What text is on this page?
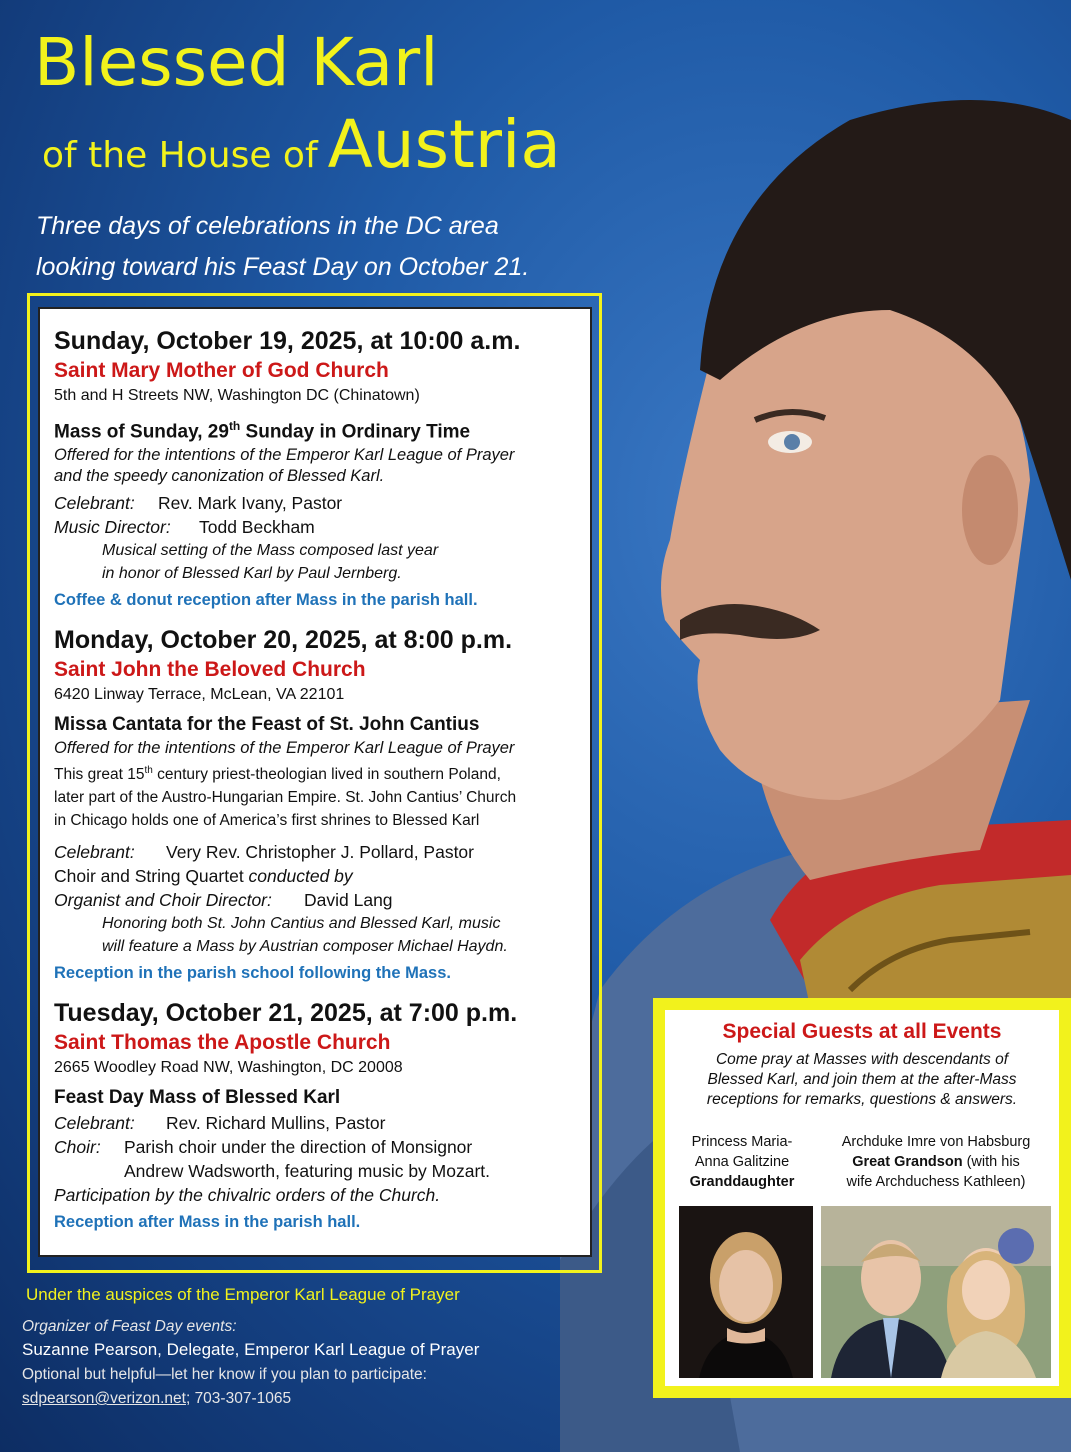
Blessed Karl
of the House of Austria
Three days of celebrations in the DC area
looking toward his Feast Day on October 21.
Sunday, October 19, 2025, at 10:00 a.m.
Saint Mary Mother of God Church
5th and H Streets NW, Washington DC (Chinatown)
Mass of Sunday, 29th Sunday in Ordinary Time
Offered for the intentions of the Emperor Karl League of Prayer
and the speedy canonization of Blessed Karl.
Celebrant: Rev. Mark Ivany, Pastor
Music Director: Todd Beckham
Musical setting of the Mass composed last year
in honor of Blessed Karl by Paul Jernberg.
Coffee & donut reception after Mass in the parish hall.
Monday, October 20, 2025, at 8:00 p.m.
Saint John the Beloved Church
6420 Linway Terrace, McLean, VA 22101
Missa Cantata for the Feast of St. John Cantius
Offered for the intentions of the Emperor Karl League of Prayer
This great 15th century priest-theologian lived in southern Poland,
later part of the Austro-Hungarian Empire. St. John Cantius’ Church
in Chicago holds one of America’s first shrines to Blessed Karl
Celebrant: Very Rev. Christopher J. Pollard, Pastor
Choir and String Quartet conducted by
Organist and Choir Director: David Lang
Honoring both St. John Cantius and Blessed Karl, music
will feature a Mass by Austrian composer Michael Haydn.
Reception in the parish school following the Mass.
Tuesday, October 21, 2025, at 7:00 p.m.
Saint Thomas the Apostle Church
2665 Woodley Road NW, Washington, DC 20008
Feast Day Mass of Blessed Karl
Celebrant: Rev. Richard Mullins, Pastor
Choir: Parish choir under the direction of Monsignor
Andrew Wadsworth, featuring music by Mozart.
Participation by the chivalric orders of the Church.
Reception after Mass in the parish hall.
Under the auspices of the Emperor Karl League of Prayer
Organizer of Feast Day events:
Suzanne Pearson, Delegate, Emperor Karl League of Prayer
Optional but helpful—let her know if you plan to participate:
sdpearson@verizon.net; 703-307-1065
Special Guests at all Events
Come pray at Masses with descendants of
Blessed Karl, and join them at the after-Mass
receptions for remarks, questions & answers.
Princess Maria-
Anna Galitzine
Granddaughter
Archduke Imre von Habsburg
Great Grandson (with his
wife Archduchess Kathleen)
